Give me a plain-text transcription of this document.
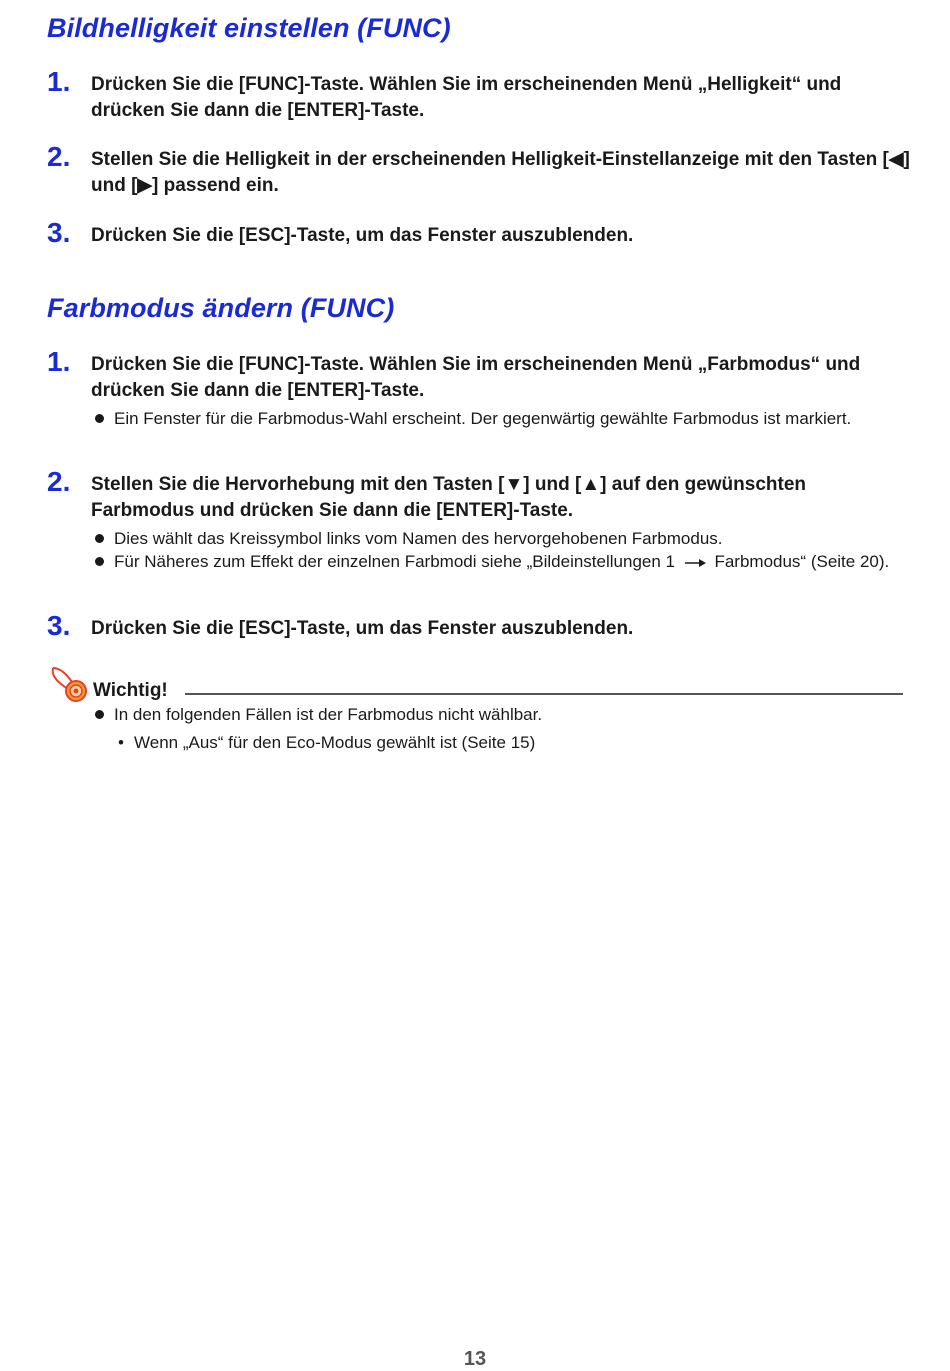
Bildhelligkeit einstellen (FUNC)
1. Drücken Sie die [FUNC]-Taste. Wählen Sie im erscheinenden Menü „Helligkeit“ und drücken Sie dann die [ENTER]-Taste.
2. Stellen Sie die Helligkeit in der erscheinenden Helligkeit-Einstellanzeige mit den Tasten [◀] und [▶] passend ein.
3. Drücken Sie die [ESC]-Taste, um das Fenster auszublenden.
Farbmodus ändern (FUNC)
1. Drücken Sie die [FUNC]-Taste. Wählen Sie im erscheinenden Menü „Farbmodus“ und drücken Sie dann die [ENTER]-Taste.
Ein Fenster für die Farbmodus-Wahl erscheint. Der gegenwärtig gewählte Farbmodus ist markiert.
2. Stellen Sie die Hervorhebung mit den Tasten [▼] und [▲] auf den gewünschten Farbmodus und drücken Sie dann die [ENTER]-Taste.
Dies wählt das Kreissymbol links vom Namen des hervorgehobenen Farbmodus.
Für Näheres zum Effekt der einzelnen Farbmodi siehe „Bildeinstellungen 1 Farbmodus“ (Seite 20).
3. Drücken Sie die [ESC]-Taste, um das Fenster auszublenden.
Wichtig!
In den folgenden Fällen ist der Farbmodus nicht wählbar.
• Wenn „Aus“ für den Eco-Modus gewählt ist (Seite 15)
13
